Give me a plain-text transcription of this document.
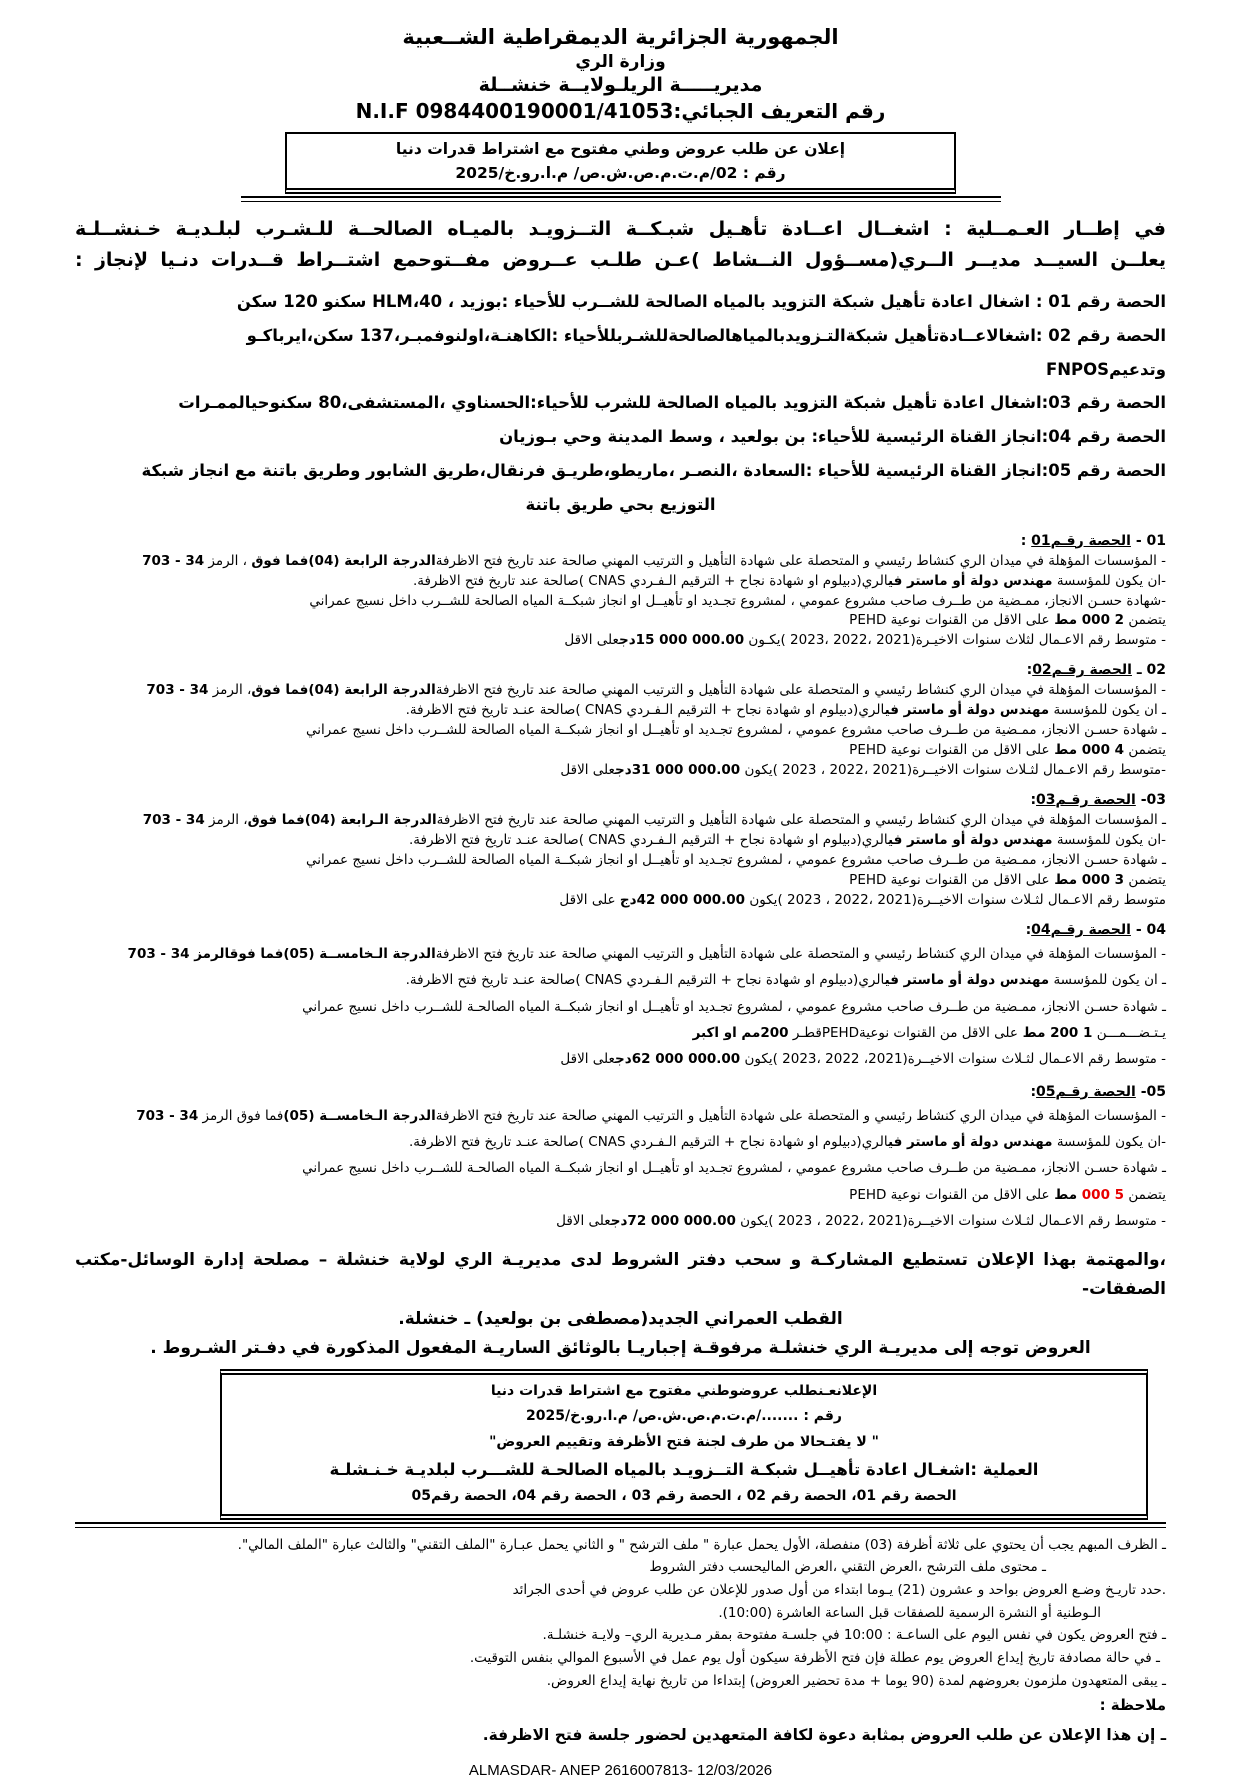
الجمهورية الجزائرية الديمقراطية الشــعبية
وزارة الري
مديريـــــة الريلـولايــة خنشــلة
رقم التعريف الجبائي:N.I.F 0984400190001/41053
إعلان عن طلب عروض وطني مفتوح مع اشتراط قدرات دنيا
رقم : 02/م.ت.م.ص.ش.ص/ م.ا.رو.خ/2025
في إطــار العـمــلية : اشغــال اعــادة تأهـيل شبـكــة التــزويـد بالميـاه الصالحــة للـشـرب لبلـديـة خـنشــلـة
يعلــن السيــد مديــر الــري(مســؤول النــشاط )عـن طلـب عــروض مفــتوحمع اشتــراط قــدرات دنـيا لإنجاز :
الحصة رقم 01 : اشغال اعادة تأهيل شبكة التزويد بالمياه الصالحة للشــرب للأحياء :بوزيد ، HLM،40 سكنو 120 سكن
الحصة رقم 02 :اشغالاعــادةتأهيل شبكةالتـزويدبالمياهالصالحةللشـربللأحياء :الكاهنـة،اولنوفمبـر،137 سكن،ايرباكـو
وتدعيمFNPOS
الحصة رقم 03:اشغال اعادة تأهيل شبكة التزويد بالمياه الصالحة للشرب للأحياء:الحسناوي ،المستشفى،80 سكنوحيالممـرات
الحصة رقم 04:انجاز القناة الرئيسية للأحياء: بن بولعيد ، وسط المدينة وحي بـوزيان
الحصة رقم 05:انجاز القناة الرئيسية للأحياء :السعادة ،النصـر ،ماريطو،طريـق فرنقال،طريق الشابور وطريق باتنة مع انجاز شبكة
التوزيع بحي طريق باتنة
01 - الحصة رقـم01 :
- المؤسسات المؤهلة في ميدان الري كنشاط رئيسي و المتحصلة على شهادة التأهيل و الترتيب المهني صالحة عند تاريخ فتح الاظرفةالدرجة الرابعة (04)فما فوق ، الرمز 34 - 703
-ان يكون للمؤسسة مهندس دولة أو ماستر فيالري(دبيلوم او شهادة نجاح + الترقيم الـفـردي CNAS )صالحة عند تاريخ فتح الاظرفة.
-شهادة حسـن الانجاز، ممـضية من طــرف صاحب مشروع عمومي ، لمشروع تجـديد او تأهيــل او انجاز شبكــة المياه الصالحة للشــرب داخل نسيج عمراني
يتضمن 2 000 مط على الاقل من القنوات نوعية PEHD
- متوسط رقم الاعـمال لثلاث سنوات الاخيـرة(2021 ،2022 ،2023 )يكـون 15 000 000.00دجعلى الاقل
02 ـ الحصة رقـم02:
- المؤسسات المؤهلة في ميدان الري كنشاط رئيسي و المتحصلة على شهادة التأهيل و الترتيب المهني صالحة عند تاريخ فتح الاظرفةالدرجة الرابعة (04)فما فوق، الرمز 34 - 703
ـ ان يكون للمؤسسة مهندس دولة أو ماستر فيالري(دبيلوم او شهادة نجاح + الترقيم الـفـردي CNAS )صالحة عنـد تاريخ فتح الاظرفة.
ـ شهادة حسـن الانجاز، ممـضية من طــرف صاحب مشروع عمومي ، لمشروع تجـديد او تأهيــل او انجاز شبكــة المياه الصالحة للشــرب داخل نسيج عمراني
يتضمن 4 000 مط على الاقل من القنوات نوعية PEHD
-متوسط رقم الاعـمال لثـلاث سنوات الاخيــرة(2021 ،2022 ، 2023 )يكون 31 000 000.00دجعلى الاقل
03- الحصة رقـم03:
ـ المؤسسات المؤهلة في ميدان الري كنشاط رئيسي و المتحصلة على شهادة التأهيل و الترتيب المهني صالحة عند تاريخ فتح الاظرفةالدرجة الـرابعة (04)فما فوق، الرمز 34 - 703
-ان يكون للمؤسسة مهندس دولة أو ماستر فيالري(دبيلوم او شهادة نجاح + الترقيم الـفـردي CNAS )صالحة عنـد تاريخ فتح الاظرفة.
ـ شهادة حسـن الانجاز، ممـضية من طــرف صاحب مشروع عمومي ، لمشروع تجـديد او تأهيــل او انجاز شبكــة المياه الصالحة للشــرب داخل نسيج عمراني
يتضمن 3 000 مط على الاقل من القنوات نوعية PEHD
متوسط رقم الاعـمال لثـلاث سنوات الاخيــرة(2021 ،2022 ، 2023 )يكون 42 000 000.00دج على الاقل
04 - الحصة رقـم04:
- المؤسسات المؤهلة في ميدان الري كنشاط رئيسي و المتحصلة على شهادة التأهيل و الترتيب المهني صالحة عند تاريخ فتح الاظرفةالدرجة الـخامســة (05)فما فوقالرمز 34 - 703
ـ ان يكون للمؤسسة مهندس دولة أو ماستر فيالري(دبيلوم او شهادة نجاح + الترقيم الـفـردي CNAS )صالحة عنـد تاريخ فتح الاظرفة.
ـ شهادة حسـن الانجاز، ممـضية من طــرف صاحب مشروع عمومي ، لمشروع تجـديد او تأهيــل او انجاز شبكــة المياه الصالحـة للشــرب داخل نسيج عمراني
يـتـضـــمـــن 1 200 مط على الاقل من القنوات نوعيةPEHDقطـر 200مم او اكبر
- متوسط رقم الاعـمال لثـلاث سنوات الاخيــرة(2021، 2022 ،2023 )يكون 62 000 000.00دجعلى الاقل
05- الحصة رقـم05:
- المؤسسات المؤهلة في ميدان الري كنشاط رئيسي و المتحصلة على شهادة التأهيل و الترتيب المهني صالحة عند تاريخ فتح الاظرفةالدرجة الـخامســة (05)فما فوق الرمز 34 - 703
-ان يكون للمؤسسة مهندس دولة أو ماستر فيالري(دبيلوم او شهادة نجاح + الترقيم الـفـردي CNAS )صالحة عنـد تاريخ فتح الاظرفة.
ـ شهادة حسـن الانجاز، ممـضية من طــرف صاحب مشروع عمومي ، لمشروع تجـديد او تأهيــل او انجاز شبكــة المياه الصالحـة للشــرب داخل نسيج عمراني
يتضمن 5 000 مط على الاقل من القنوات نوعية PEHD
- متوسط رقم الاعـمال لثـلاث سنوات الاخيــرة(2021 ،2022 ، 2023 )يكون 72 000 000.00دجعلى الاقل
،والمهتمة بهذا الإعلان تستطيع المشاركـة و سحب دفتر الشروط لدى مديريـة الري لولاية خنشلة – مصلحة إدارة الوسائل-مكتب الصفقات-
القطب العمراني الجديد(مصطفى بن بولعيد) ـ خنشلة.
العروض توجه إلى مديريـة الري خنشلـة مرفوقـة إجباريـا بالوثائق الساريـة المفعول المذكورة في دفـتر الشـروط .
الإعلانعـنطلب عروضوطني مفتوح مع اشتراط قدرات دنيا
رقم : ......./م.ت.م.ص.ش.ص/ م.ا.رو.خ/2025
" لا يفتـحالا من طرف لجنة فتح الأظرفة وتقييم العروض"
العملية :اشغـال اعادة تأهيــل شبكـة التــزويـد بالمياه الصالحـة للشـــرب لبلديـة خـنـشلـة
الحصة رقم 01، الحصة رقم 02 ، الحصة رقم 03 ، الحصة رقم 04، الحصة رقم05
ـ الظرف المبهم يجب أن يحتوي على ثلاثة أظرفة (03) منفصلة، الأول يحمل عبارة " ملف الترشح " و الثاني يحمل عبـارة "الملف التقني" والثالث عبارة "الملف المالي".
ـ محتوى ملف الترشح ،العرض التقني ،العرض الماليحسب دفتر الشروط
.حدد تاريـخ وضـع العروض بواحد و عشرون (21) يـوما ابتداء من أول صدور للإعلان عن طلب عروض في أحدى الجرائد
الـوطنية أو النشرة الرسمية للصفقات قبل الساعة العاشرة (10:00).
ـ فتح العروض يكون في نفس اليوم على الساعـة : 10:00 في جلسـة مفتوحة بمقر مـديرية الري– ولايـة خنشلـة.
ـ في حالة مصادفة تاريخ إيداع العروض يوم عطلة فإن فتح الأظرفة سيكون أول يوم عمل في الأسبوع الموالي بنفس التوقيت.
ـ يبقى المتعهدون ملزمون بعروضهم لمدة (90 يوما + مدة تحضير العروض) إبتداءا من تاريخ نهاية إيداع العروض.
ملاحظة :
ـ إن هذا الإعلان عن طلب العروض بمثابة دعوة لكافة المتعهدين لحضور جلسة فتح الاظرفة.
ALMASDAR- ANEP 2616007813- 12/03/2026
